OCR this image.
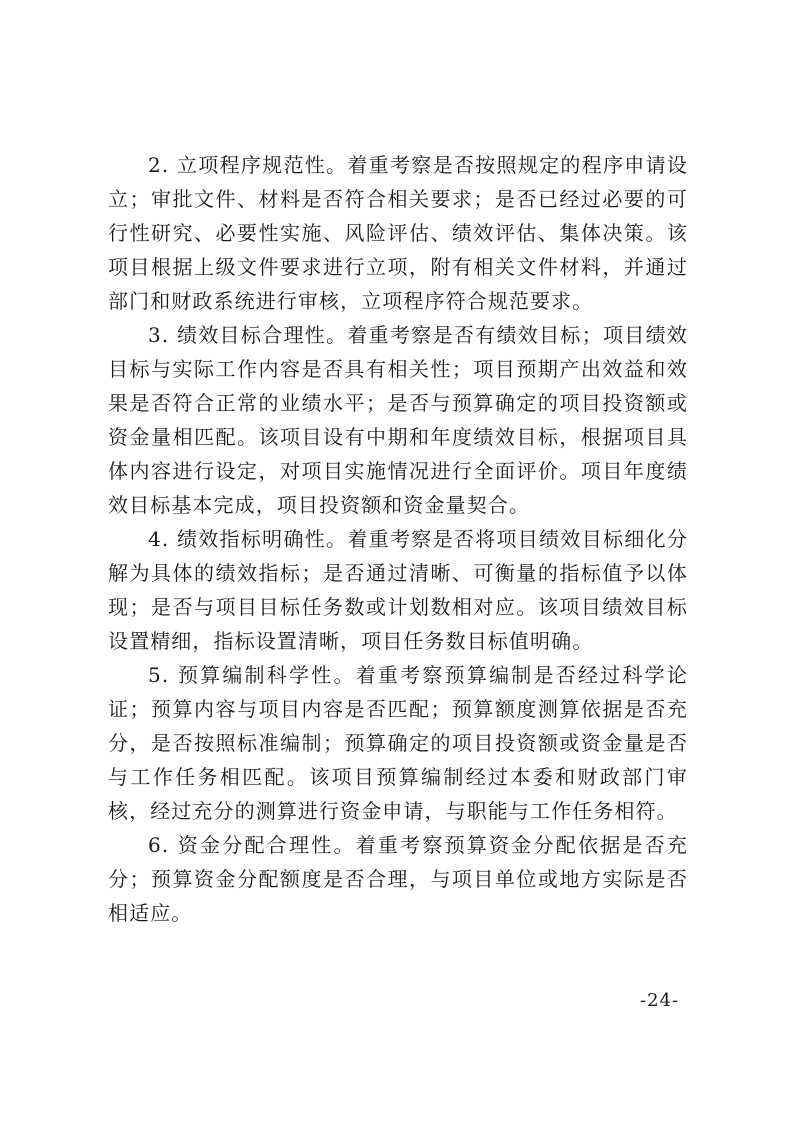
2. 立项程序规范性。着重考察是否按照规定的程序申请设立；审批文件、材料是否符合相关要求；是否已经过必要的可行性研究、必要性实施、风险评估、绩效评估、集体决策。该项目根据上级文件要求进行立项，附有相关文件材料，并通过部门和财政系统进行审核，立项程序符合规范要求。

3. 绩效目标合理性。着重考察是否有绩效目标；项目绩效目标与实际工作内容是否具有相关性；项目预期产出效益和效果是否符合正常的业绩水平；是否与预算确定的项目投资额或资金量相匹配。该项目设有中期和年度绩效目标，根据项目具体内容进行设定，对项目实施情况进行全面评价。项目年度绩效目标基本完成，项目投资额和资金量契合。

4. 绩效指标明确性。着重考察是否将项目绩效目标细化分解为具体的绩效指标；是否通过清晰、可衡量的指标值予以体现；是否与项目目标任务数或计划数相对应。该项目绩效目标设置精细，指标设置清晰，项目任务数目标值明确。

5. 预算编制科学性。着重考察预算编制是否经过科学论证；预算内容与项目内容是否匹配；预算额度测算依据是否充分，是否按照标准编制；预算确定的项目投资额或资金量是否与工作任务相匹配。该项目预算编制经过本委和财政部门审核，经过充分的测算进行资金申请，与职能与工作任务相符。

6. 资金分配合理性。着重考察预算资金分配依据是否充分；预算资金分配额度是否合理，与项目单位或地方实际是否相适应。

-24-
